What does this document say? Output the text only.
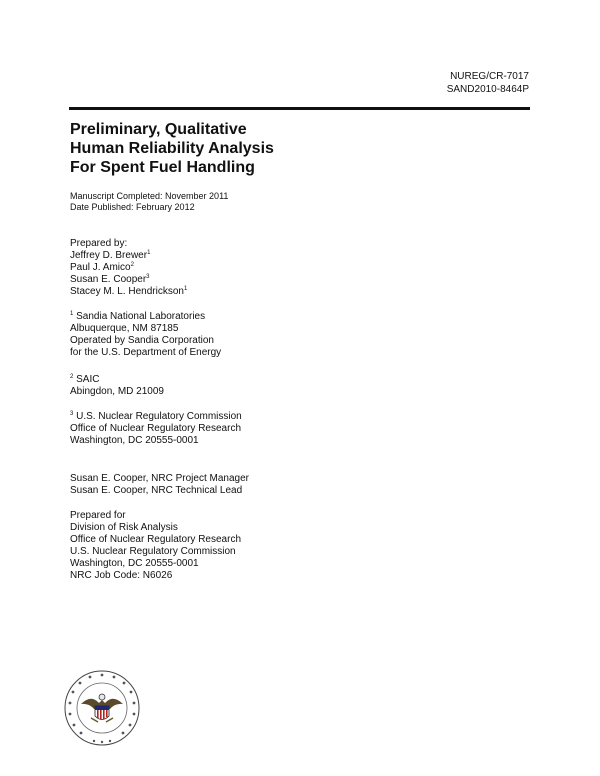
NUREG/CR-7017
SAND2010-8464P
Preliminary, Qualitative
Human Reliability Analysis
For Spent Fuel Handling
Manuscript Completed: November 2011
Date Published: February 2012
Prepared by:
Jeffrey D. Brewer$^1$
Paul J. Amico$^2$
Susan E. Cooper$^3$
Stacey M. L. Hendrickson$^1$
$^1$ Sandia National Laboratories
Albuquerque, NM 87185
Operated by Sandia Corporation
for the U.S. Department of Energy
$^2$ SAIC
Abingdon, MD 21009
$^3$ U.S. Nuclear Regulatory Commission
Office of Nuclear Regulatory Research
Washington, DC 20555-0001
Susan E. Cooper, NRC Project Manager
Susan E. Cooper, NRC Technical Lead
Prepared for
Division of Risk Analysis
Office of Nuclear Regulatory Research
U.S. Nuclear Regulatory Commission
Washington, DC 20555-0001
NRC Job Code: N6026
